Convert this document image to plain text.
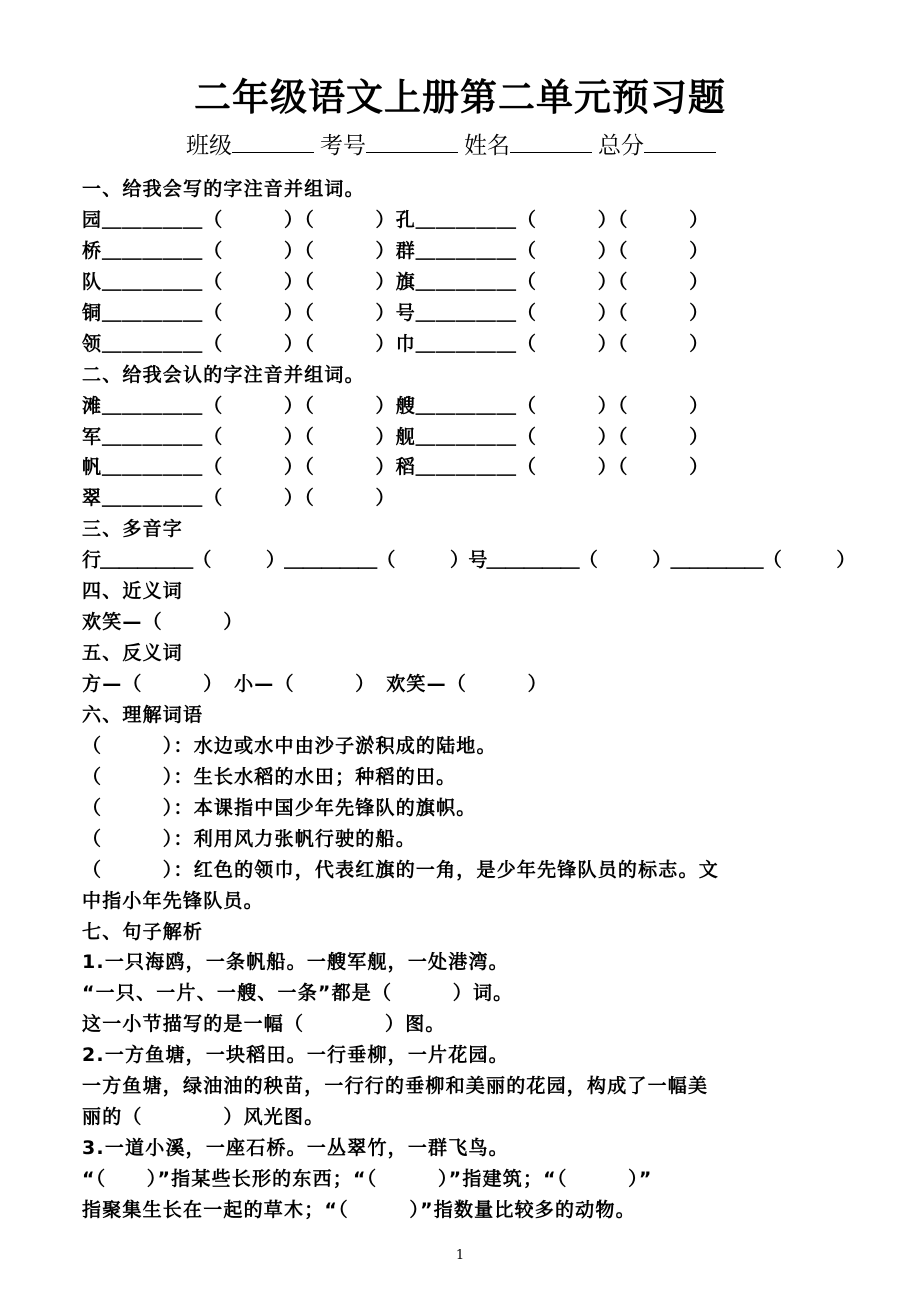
二年级语文上册第二单元预习题
班级	考号	姓名	总分
一、给我会写的字注音并组词。
园＿＿＿＿＿（　　　）（　　　）孔＿＿＿＿＿（　　　）（　　　）
桥＿＿＿＿＿（　　　）（　　　）群＿＿＿＿＿（　　　）（　　　）
队＿＿＿＿＿（　　　）（　　　）旗＿＿＿＿＿（　　　）（　　　）
铜＿＿＿＿＿（　　　）（　　　）号＿＿＿＿＿（　　　）（　　　）
领＿＿＿＿＿（　　　）（　　　）巾＿＿＿＿＿（　　　）（　　　）
二、给我会认的字注音并组词。
滩＿＿＿＿＿（　　　）（　　　）艘＿＿＿＿＿（　　　）（　　　）
军＿＿＿＿＿（　　　）（　　　）舰＿＿＿＿＿（　　　）（　　　）
帆＿＿＿＿＿（　　　）（　　　）稻＿＿＿＿＿（　　　）（　　　）
翠＿＿＿＿＿（　　　）（　　　）
三、多音字
行＿＿＿＿＿（　　　）＿＿＿＿＿（　　　）号＿＿＿＿＿（　　　）＿＿＿＿＿（　　　）
四、近义词
欢笑—（　　　）
五、反义词
方—（　　　）　小—（　　　）　欢笑—（　　　）
六、理解词语
（　　　）：水边或水中由沙子淤积成的陆地。
（　　　）：生长水稻的水田；种稻的田。
（　　　）：本课指中国少年先锋队的旗帜。
（　　　）：利用风力张帆行驶的船。
（　　　）：红色的领巾，代表红旗的一角，是少年先锋队员的标志。文
中指小年先锋队员。
七、句子解析
1.一只海鸥，一条帆船。一艘军舰，一处港湾。
“一只、一片、一艘、一条”都是（　　　）词。
这一小节描写的是一幅（　　　　）图。
2.一方鱼塘，一块稻田。一行垂柳，一片花园。
一方鱼塘，绿油油的秧苗，一行行的垂柳和美丽的花园，构成了一幅美
丽的（　　　　）风光图。
3.一道小溪，一座石桥。一丛翠竹，一群飞鸟。
“（　　）”指某些长形的东西；“（　　　）”指建筑；“（　　　）”
指聚集生长在一起的草木；“（　　　）”指数量比较多的动物。
1
